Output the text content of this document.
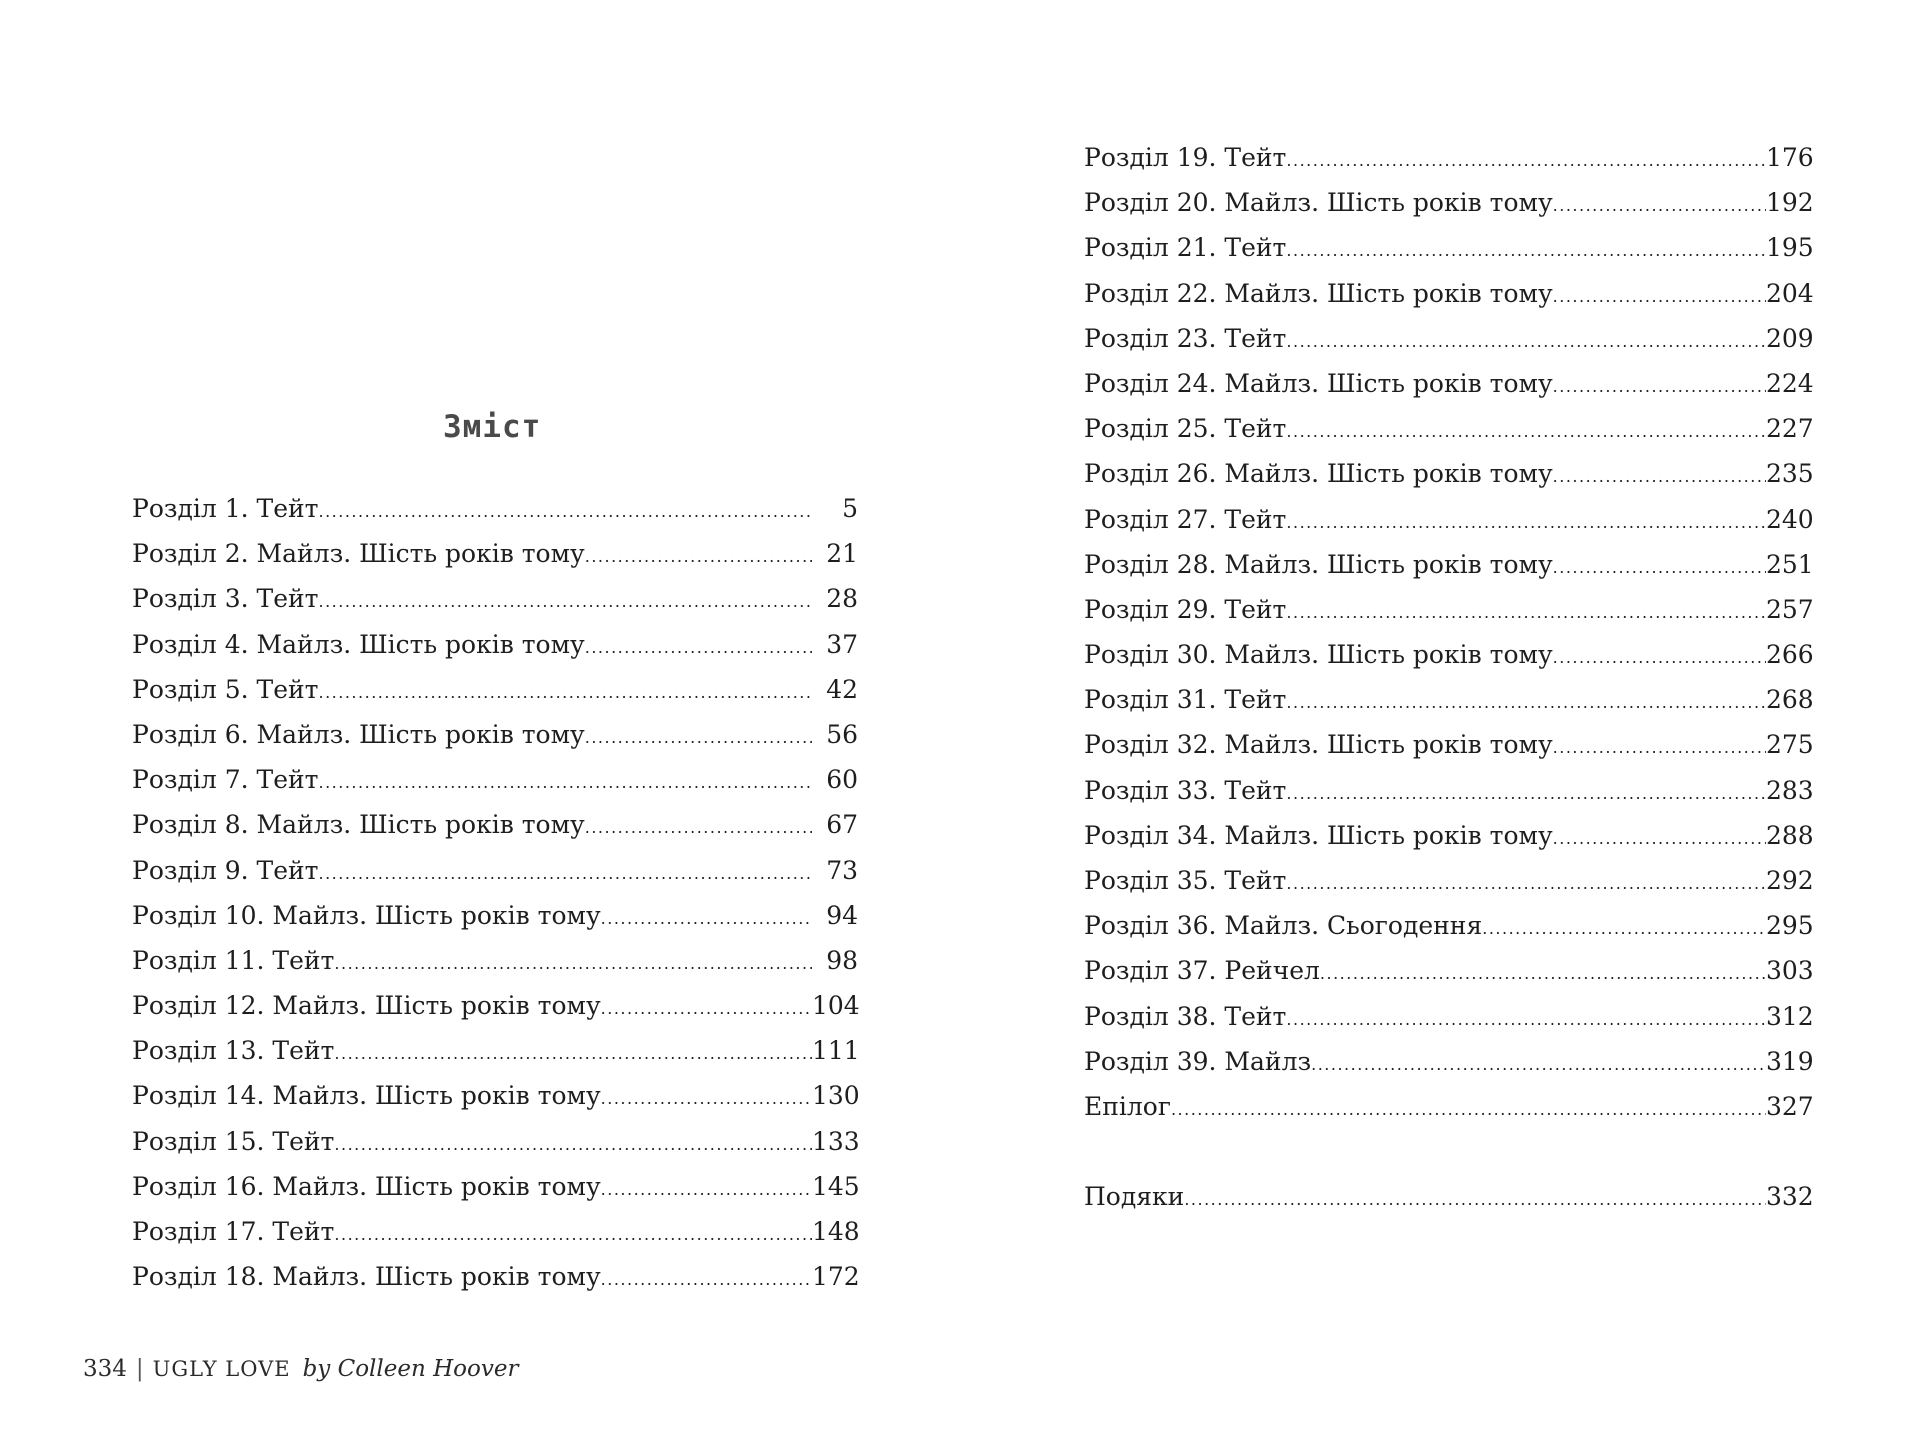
Зміст
Розділ 1. Тейт .....	5
Розділ 2. Майлз. Шість років тому .....	21
Розділ 3. Тейт .....	28
Розділ 4. Майлз. Шість років тому .....	37
Розділ 5. Тейт .....	42
Розділ 6. Майлз. Шість років тому .....	56
Розділ 7. Тейт .....	60
Розділ 8. Майлз. Шість років тому .....	67
Розділ 9. Тейт .....	73
Розділ 10. Майлз. Шість років тому .....	94
Розділ 11. Тейт .....	98
Розділ 12. Майлз. Шість років тому .....	104
Розділ 13. Тейт .....	111
Розділ 14. Майлз. Шість років тому .....	130
Розділ 15. Тейт .....	133
Розділ 16. Майлз. Шість років тому .....	145
Розділ 17. Тейт .....	148
Розділ 18. Майлз. Шість років тому .....	172
Розділ 19. Тейт .....	176
Розділ 20. Майлз. Шість років тому .....	192
Розділ 21. Тейт .....	195
Розділ 22. Майлз. Шість років тому .....	204
Розділ 23. Тейт .....	209
Розділ 24. Майлз. Шість років тому .....	224
Розділ 25. Тейт .....	227
Розділ 26. Майлз. Шість років тому .....	235
Розділ 27. Тейт .....	240
Розділ 28. Майлз. Шість років тому .....	251
Розділ 29. Тейт .....	257
Розділ 30. Майлз. Шість років тому .....	266
Розділ 31. Тейт .....	268
Розділ 32. Майлз. Шість років тому .....	275
Розділ 33. Тейт .....	283
Розділ 34. Майлз. Шість років тому .....	288
Розділ 35. Тейт .....	292
Розділ 36. Майлз. Сьогодення .....	295
Розділ 37. Рейчел .....	303
Розділ 38. Тейт .....	312
Розділ 39. Майлз .....	319
Епілог .....	327
Подяки .....	332
334 | UGLY LOVE by Colleen Hoover
